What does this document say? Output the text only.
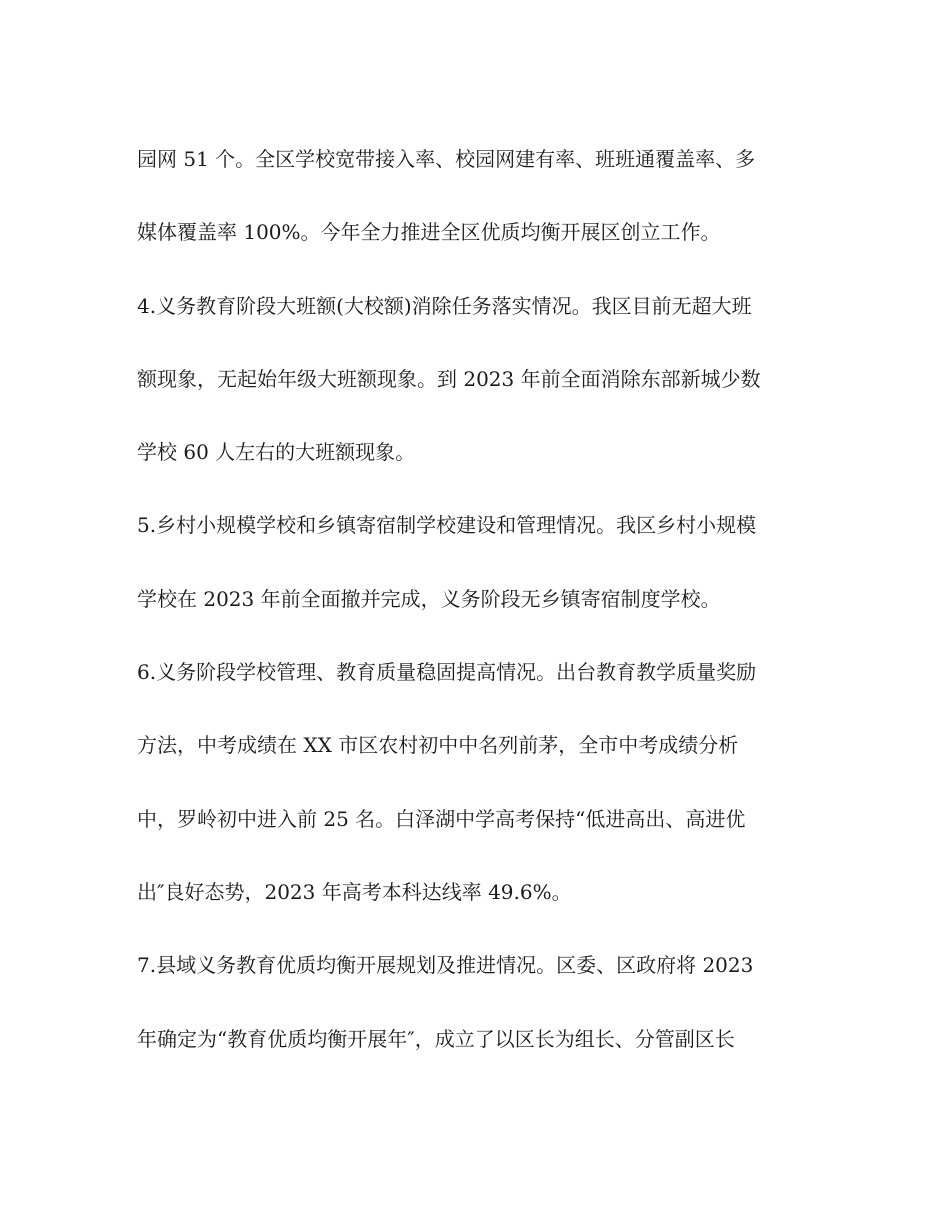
园网 51 个。全区学校宽带接入率、校园网建有率、班班通覆盖率、多
媒体覆盖率 100%。今年全力推进全区优质均衡开展区创立工作。
4.义务教育阶段大班额(大校额)消除任务落实情况。我区目前无超大班
额现象，无起始年级大班额现象。到 2023 年前全面消除东部新城少数
学校 60 人左右的大班额现象。
5.乡村小规模学校和乡镇寄宿制学校建设和管理情况。我区乡村小规模
学校在 2023 年前全面撤并完成，义务阶段无乡镇寄宿制度学校。
6.义务阶段学校管理、教育质量稳固提高情况。出台教育教学质量奖励
方法，中考成绩在 XX 市区农村初中中名列前茅，全市中考成绩分析
中，罗岭初中进入前 25 名。白泽湖中学高考保持“低进高出、高进优
出″良好态势，2023 年高考本科达线率 49.6%。
7.县域义务教育优质均衡开展规划及推进情况。区委、区政府将 2023
年确定为“教育优质均衡开展年″，成立了以区长为组长、分管副区长
